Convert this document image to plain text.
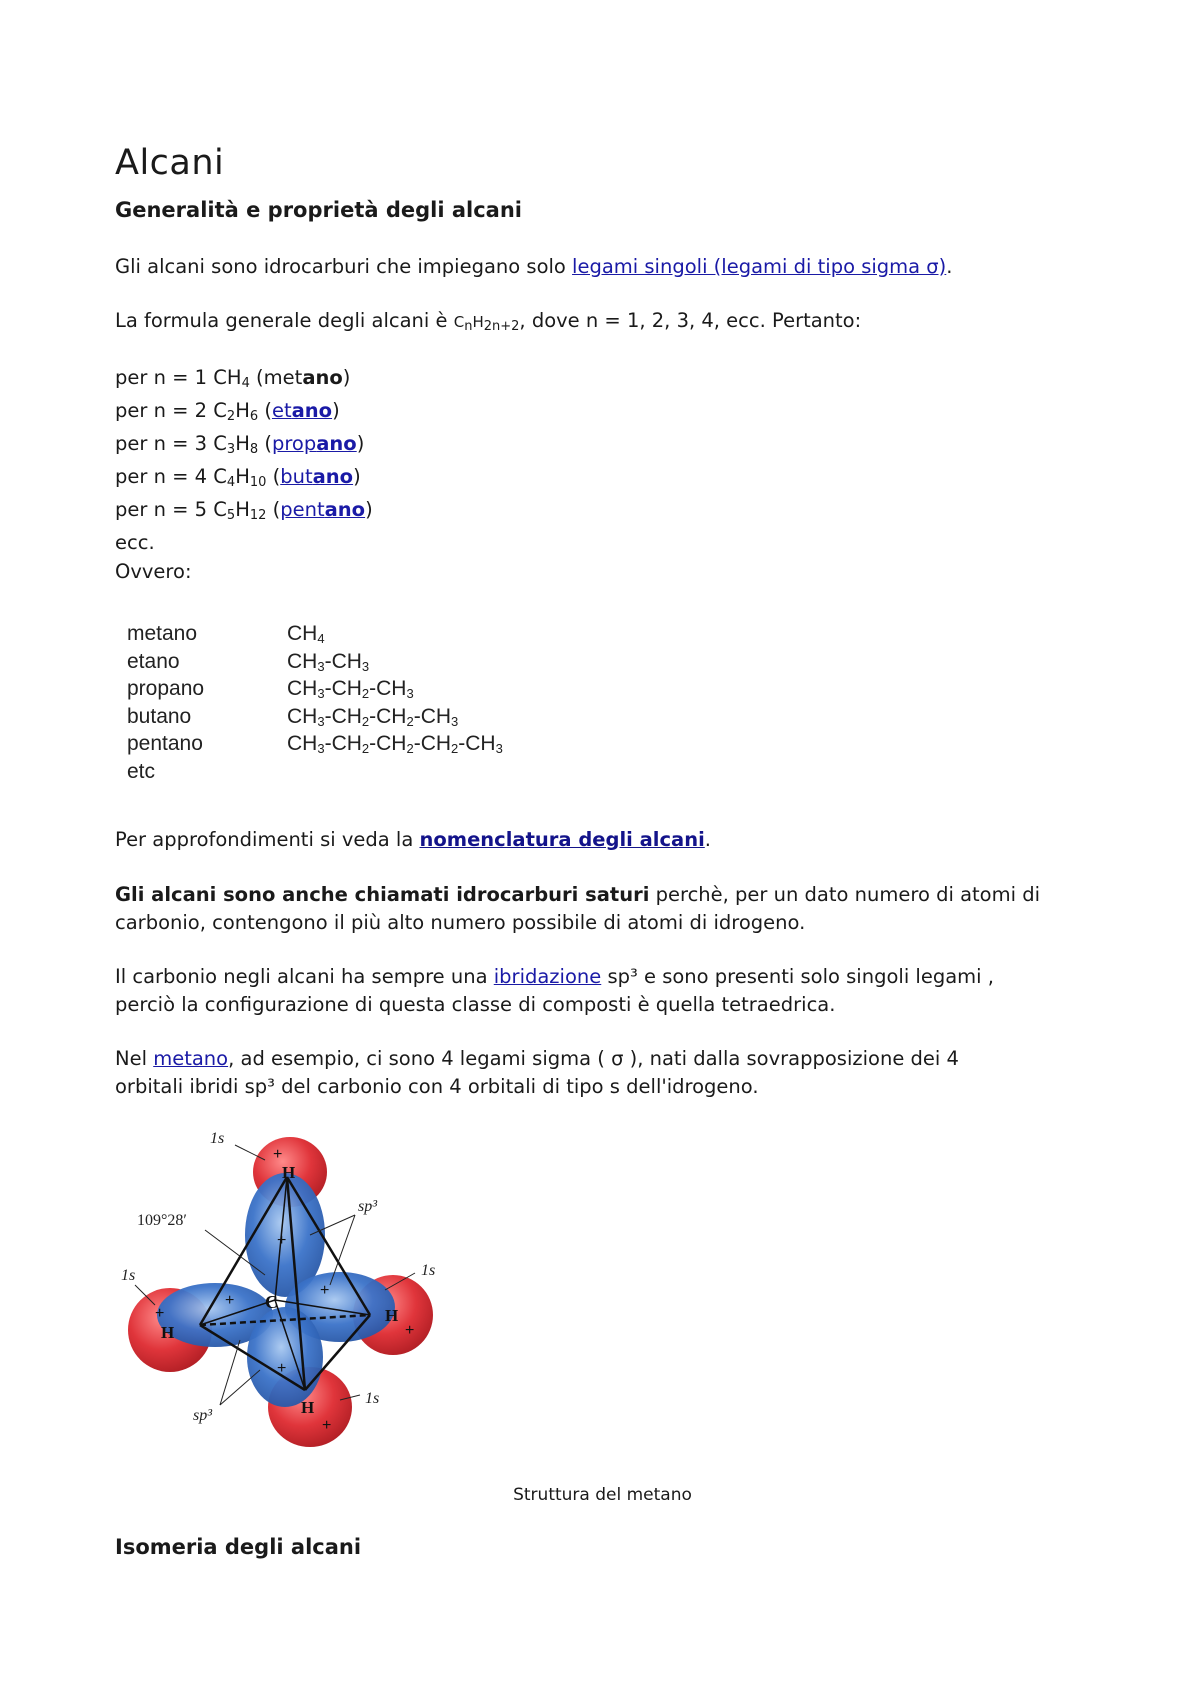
Alcani
Generalità e proprietà degli alcani

Gli alcani sono idrocarburi che impiegano solo legami singoli (legami di tipo sigma σ).

La formula generale degli alcani è $C_nH_{2n+2}$, dove n = 1, 2, 3, 4, ecc. Pertanto:

per n = 1 $CH_4$ (metano)
per n = 2 $C_2H_6$ (etano)
per n = 3 $C_3H_8$ (propano)
per n = 4 $C_4H_{10}$ (butano)
per n = 5 $C_5H_{12}$ (pentano)
ecc.

Ovvero:

metano	$CH_4$
etano	$CH_3-CH_3$
propano	$CH_3-CH_2-CH_3$
butano	$CH_3-CH_2-CH_2-CH_3$
pentano	$CH_3-CH_2-CH_2-CH_2-CH_3$
etc

Per approfondimenti si veda la nomenclatura degli alcani.

Gli alcani sono anche chiamati idrocarburi saturi perchè, per un dato numero di atomi di carbonio, contengono il più alto numero possibile di atomi di idrogeno.

Il carbonio negli alcani ha sempre una ibridazione sp³ e sono presenti solo singoli legami ,
perciò la configurazione di questa classe di composti è quella tetraedrica.

Nel metano, ad esempio, ci sono 4 legami sigma ( σ ), nati dalla sovrapposizione dei 4
orbitali ibridi sp³ del carbonio con 4 orbitali di tipo s dell'idrogeno.

1s
1s
1s
1s
sp³
sp³
109°28′
C
H
H
H
H
+
+
+
+
+
+
+
+
Struttura del metano
Isomeria degli alcani
